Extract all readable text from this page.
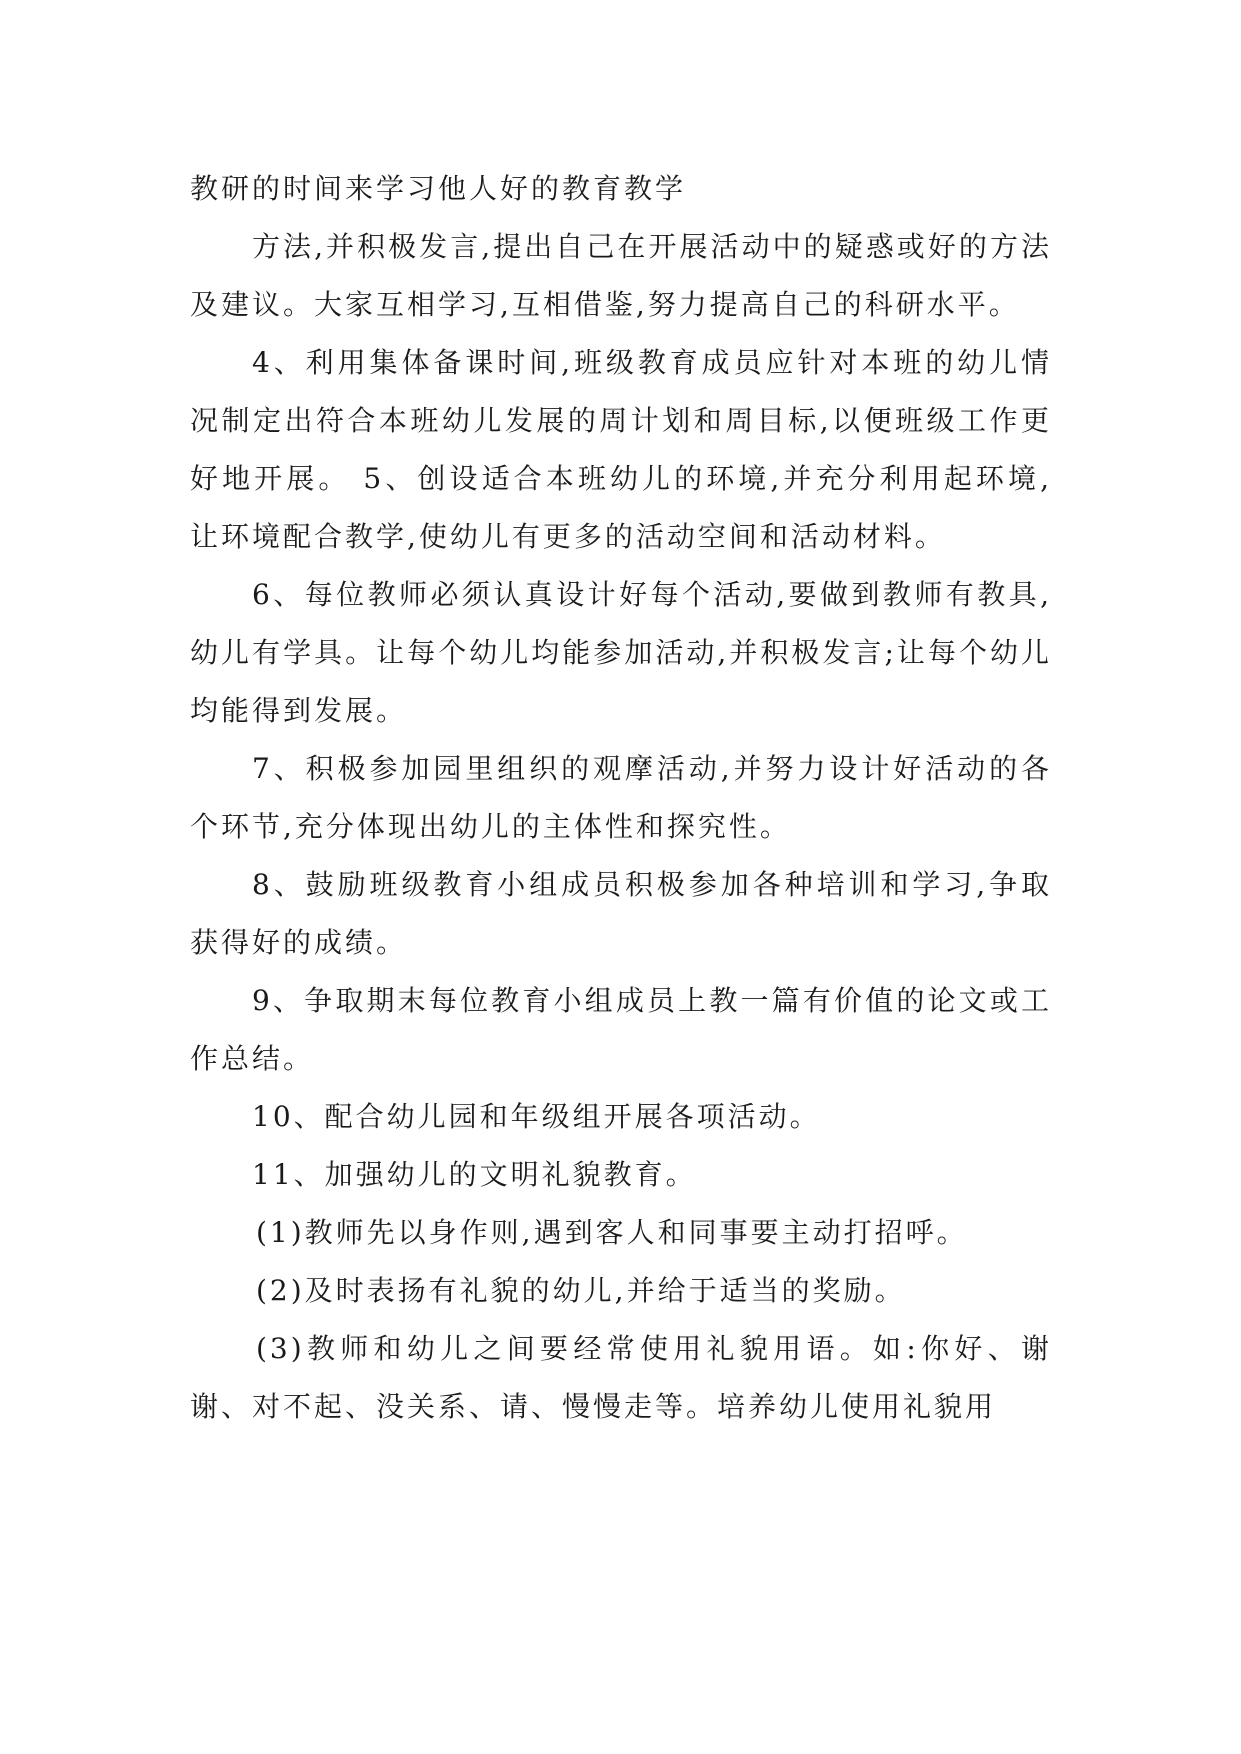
教研的时间来学习他人好的教育教学

方法,并积极发言,提出自己在开展活动中的疑惑或好的方法及建议。大家互相学习,互相借鉴,努力提高自己的科研水平。

4、利用集体备课时间,班级教育成员应针对本班的幼儿情况制定出符合本班幼儿发展的周计划和周目标,以便班级工作更好地开展。 5、创设适合本班幼儿的环境,并充分利用起环境,让环境配合教学,使幼儿有更多的活动空间和活动材料。

6、每位教师必须认真设计好每个活动,要做到教师有教具,幼儿有学具。让每个幼儿均能参加活动,并积极发言;让每个幼儿均能得到发展。

7、积极参加园里组织的观摩活动,并努力设计好活动的各个环节,充分体现出幼儿的主体性和探究性。

8、鼓励班级教育小组成员积极参加各种培训和学习,争取获得好的成绩。

9、争取期末每位教育小组成员上教一篇有价值的论文或工作总结。

10、配合幼儿园和年级组开展各项活动。

11、加强幼儿的文明礼貌教育。

(1)教师先以身作则,遇到客人和同事要主动打招呼。

(2)及时表扬有礼貌的幼儿,并给于适当的奖励。

(3)教师和幼儿之间要经常使用礼貌用语。如:你好、谢谢、对不起、没关系、请、慢慢走等。培养幼儿使用礼貌用
